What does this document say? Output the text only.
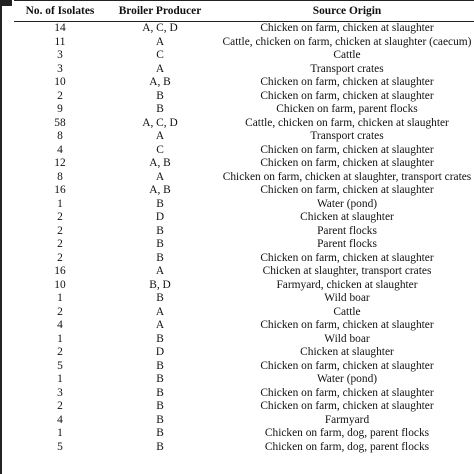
No. of Isolates	Broiler Producer	Source Origin

14	A, C, D	Chicken on farm, chicken at slaughter

11	A	Cattle, chicken on farm, chicken at slaughter (caecum)

3	C	Cattle

3	A	Transport crates

10	A, B	Chicken on farm, chicken at slaughter

2	B	Chicken on farm, chicken at slaughter

9	B	Chicken on farm, parent flocks

58	A, C, D	Cattle, chicken on farm, chicken at slaughter

8	A	Transport crates

4	C	Chicken on farm, chicken at slaughter

12	A, B	Chicken on farm, chicken at slaughter

8	A	Chicken on farm, chicken at slaughter, transport crates

16	A, B	Chicken on farm, chicken at slaughter

1	B	Water (pond)

2	D	Chicken at slaughter

2	B	Parent flocks

2	B	Parent flocks

2	B	Chicken on farm, chicken at slaughter

16	A	Chicken at slaughter, transport crates

10	B, D	Farmyard, chicken at slaughter

1	B	Wild boar

2	A	Cattle

4	A	Chicken on farm, chicken at slaughter

1	B	Wild boar

2	D	Chicken at slaughter

5	B	Chicken on farm, chicken at slaughter

1	B	Water (pond)

3	B	Chicken on farm, chicken at slaughter

2	B	Chicken on farm, chicken at slaughter

4	B	Farmyard

1	B	Chicken on farm, dog, parent flocks

5	B	Chicken on farm, dog, parent flocks
